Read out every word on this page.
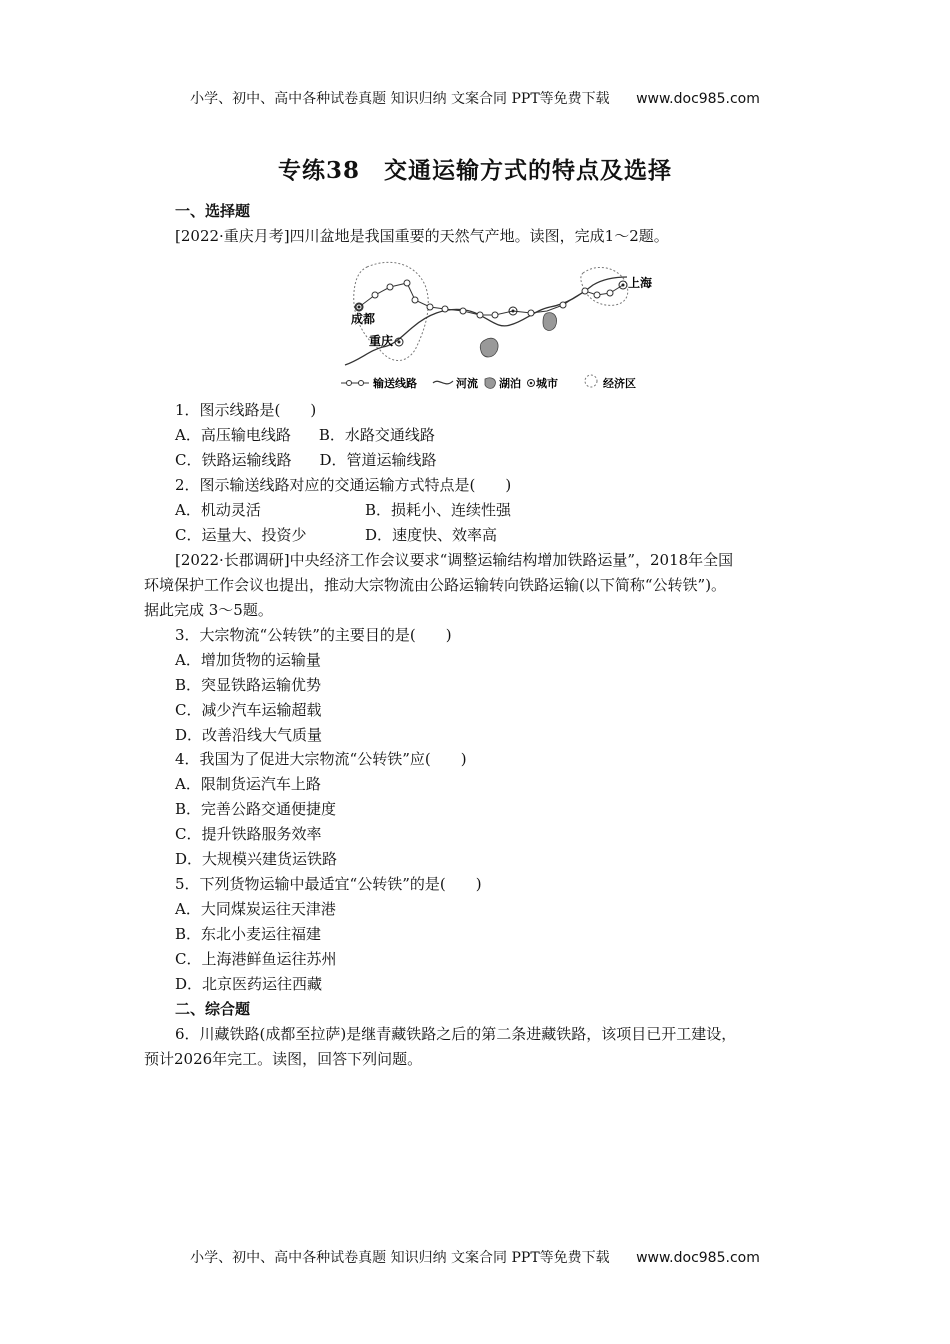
小学、初中、高中各种试卷真题 知识归纳 文案合同 PPT等免费下载 www.doc985.com
专练38　交通运输方式的特点及选择
一、选择题
[2022·重庆月考]四川盆地是我国重要的天然气产地。读图，完成1～2题。
成都
重庆
上海
输送线路	河流 湖泊 城市	经济区
1．图示线路是(　　)
A．高压输电线路 B．水路交通线路
C．铁路运输线路 D．管道运输线路
2．图示输送线路对应的交通运输方式特点是(　　)
A．机动灵活	B．损耗小、连续性强
C．运量大、投资少	D．速度快、效率高
[2022·长郡调研]中央经济工作会议要求“调整运输结构增加铁路运量”，2018年全国
环境保护工作会议也提出，推动大宗物流由公路运输转向铁路运输(以下简称“公转铁”)。
据此完成 3～5题。
3．大宗物流“公转铁”的主要目的是(　　)
A．增加货物的运输量
B．突显铁路运输优势
C．减少汽车运输超载
D．改善沿线大气质量
4．我国为了促进大宗物流“公转铁”应(　　)
A．限制货运汽车上路
B．完善公路交通便捷度
C．提升铁路服务效率
D．大规模兴建货运铁路
5．下列货物运输中最适宜“公转铁”的是(　　)
A．大同煤炭运往天津港
B．东北小麦运往福建
C．上海港鲜鱼运往苏州
D．北京医药运往西藏
二、综合题
6．川藏铁路(成都至拉萨)是继青藏铁路之后的第二条进藏铁路，该项目已开工建设，
预计2026年完工。读图，回答下列问题。
小学、初中、高中各种试卷真题 知识归纳 文案合同 PPT等免费下载 www.doc985.com
